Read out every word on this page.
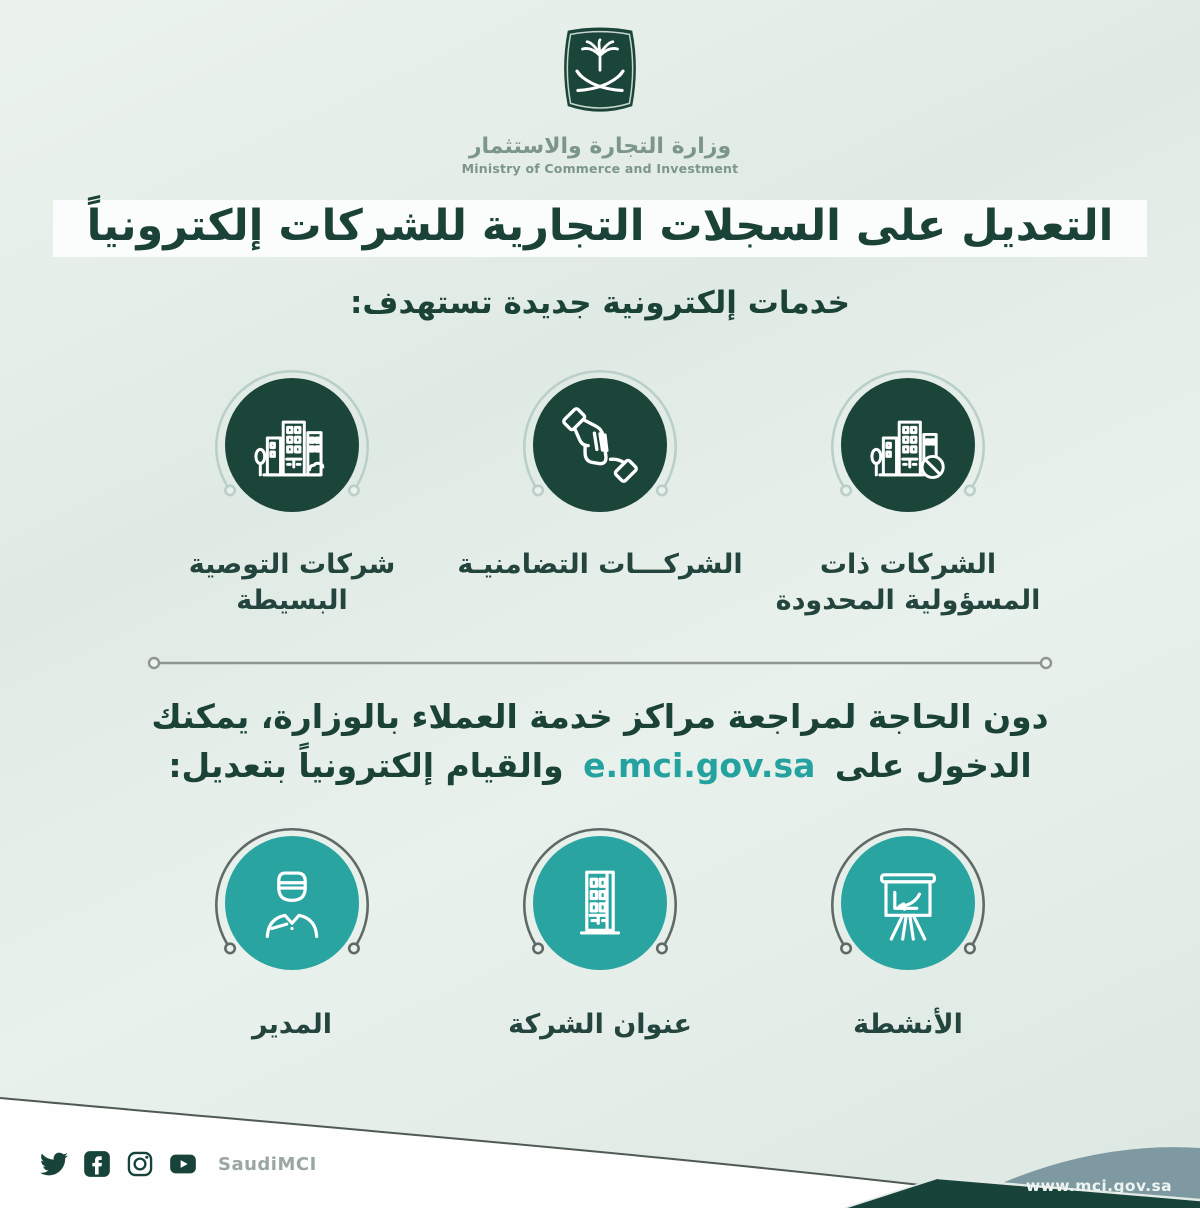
وزارة التجارة والاستثمار
Ministry of Commerce and Investment
التعديل على السجلات التجارية للشركات إلكترونياً
خدمات إلكترونية جديدة تستهدف:
الشركات ذات المسؤولية المحدودة
الشركـــات التضامنيـة
شركات التوصية البسيطة
دون الحاجة لمراجعة مراكز خدمة العملاء بالوزارة، يمكنك
الدخول على e.mci.gov.sa والقيام إلكترونياً بتعديل:
الأنشطة
عنوان الشركة
المدير
www.mci.gov.sa
SaudiMCI
